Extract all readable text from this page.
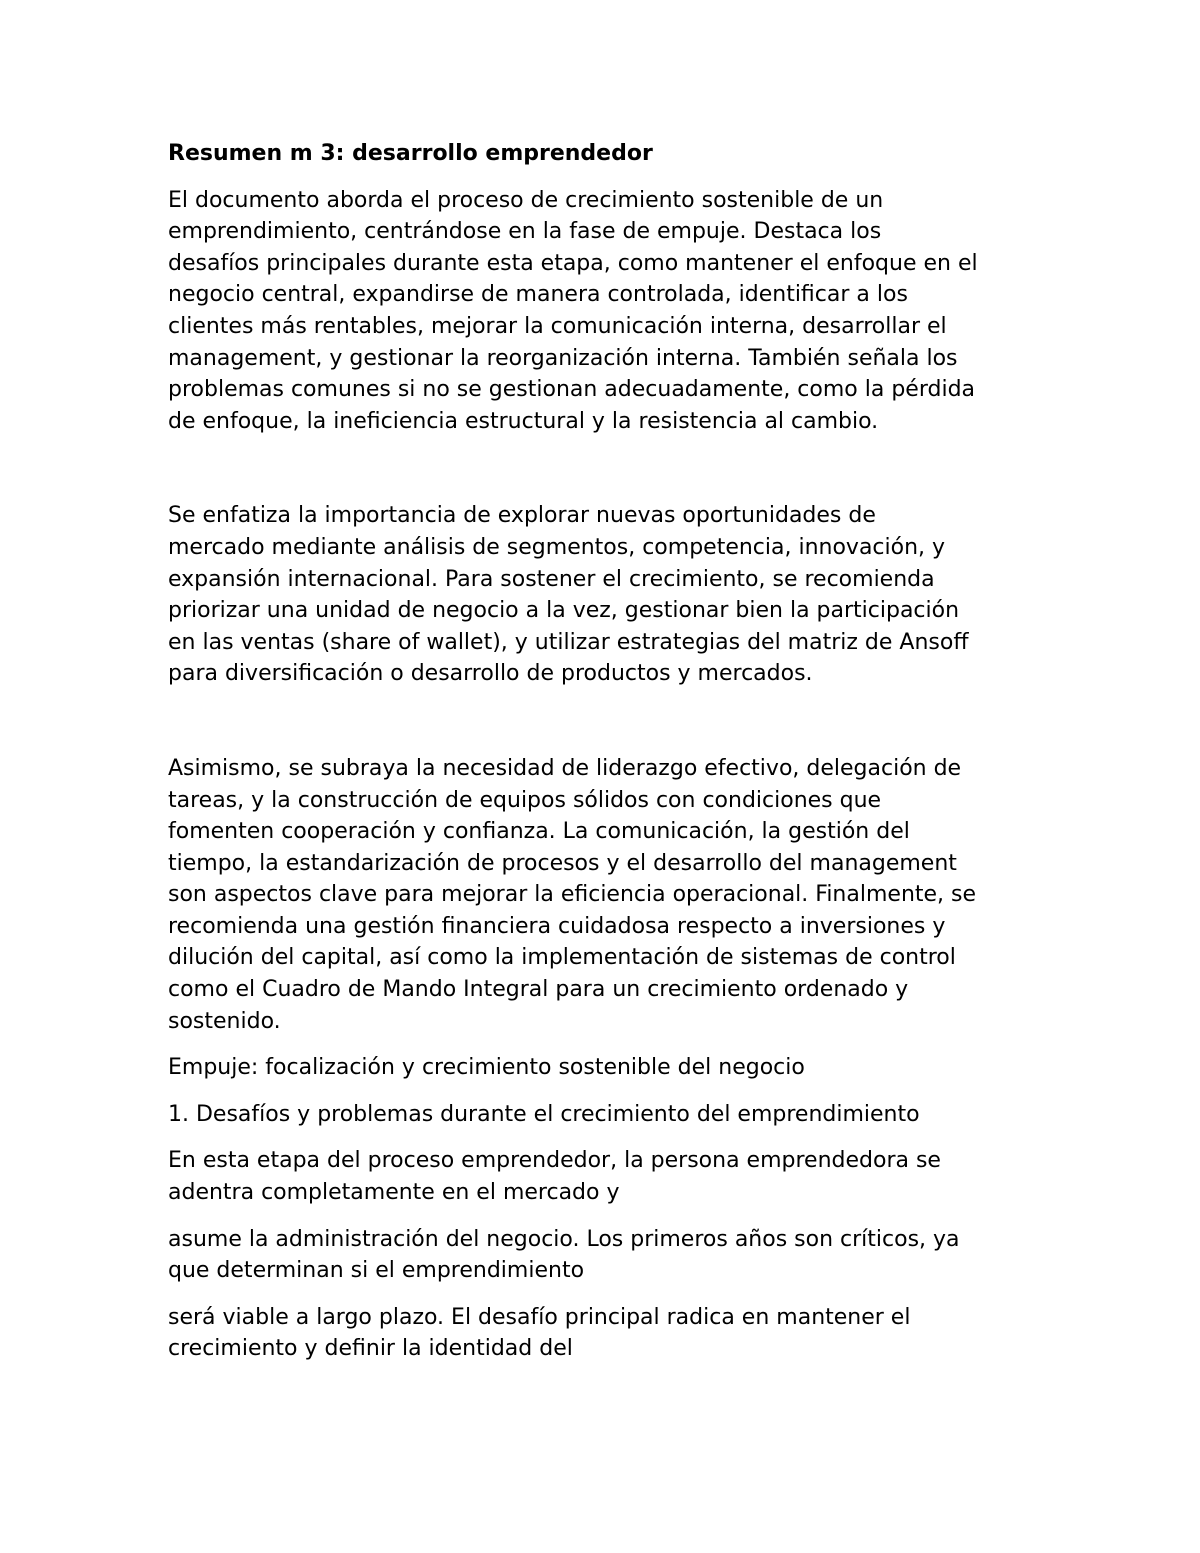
Resumen m 3: desarrollo emprendedor

El documento aborda el proceso de crecimiento sostenible de un
emprendimiento, centrándose en la fase de empuje. Destaca los
desafíos principales durante esta etapa, como mantener el enfoque en el
negocio central, expandirse de manera controlada, identificar a los
clientes más rentables, mejorar la comunicación interna, desarrollar el
management, y gestionar la reorganización interna. También señala los
problemas comunes si no se gestionan adecuadamente, como la pérdida
de enfoque, la ineficiencia estructural y la resistencia al cambio.

Se enfatiza la importancia de explorar nuevas oportunidades de
mercado mediante análisis de segmentos, competencia, innovación, y
expansión internacional. Para sostener el crecimiento, se recomienda
priorizar una unidad de negocio a la vez, gestionar bien la participación
en las ventas (share of wallet), y utilizar estrategias del matriz de Ansoff
para diversificación o desarrollo de productos y mercados.

Asimismo, se subraya la necesidad de liderazgo efectivo, delegación de
tareas, y la construcción de equipos sólidos con condiciones que
fomenten cooperación y confianza. La comunicación, la gestión del
tiempo, la estandarización de procesos y el desarrollo del management
son aspectos clave para mejorar la eficiencia operacional. Finalmente, se
recomienda una gestión financiera cuidadosa respecto a inversiones y
dilución del capital, así como la implementación de sistemas de control
como el Cuadro de Mando Integral para un crecimiento ordenado y
sostenido.

Empuje: focalización y crecimiento sostenible del negocio

1. Desafíos y problemas durante el crecimiento del emprendimiento

En esta etapa del proceso emprendedor, la persona emprendedora se
adentra completamente en el mercado y

asume la administración del negocio. Los primeros años son críticos, ya
que determinan si el emprendimiento

será viable a largo plazo. El desafío principal radica en mantener el
crecimiento y definir la identidad del
